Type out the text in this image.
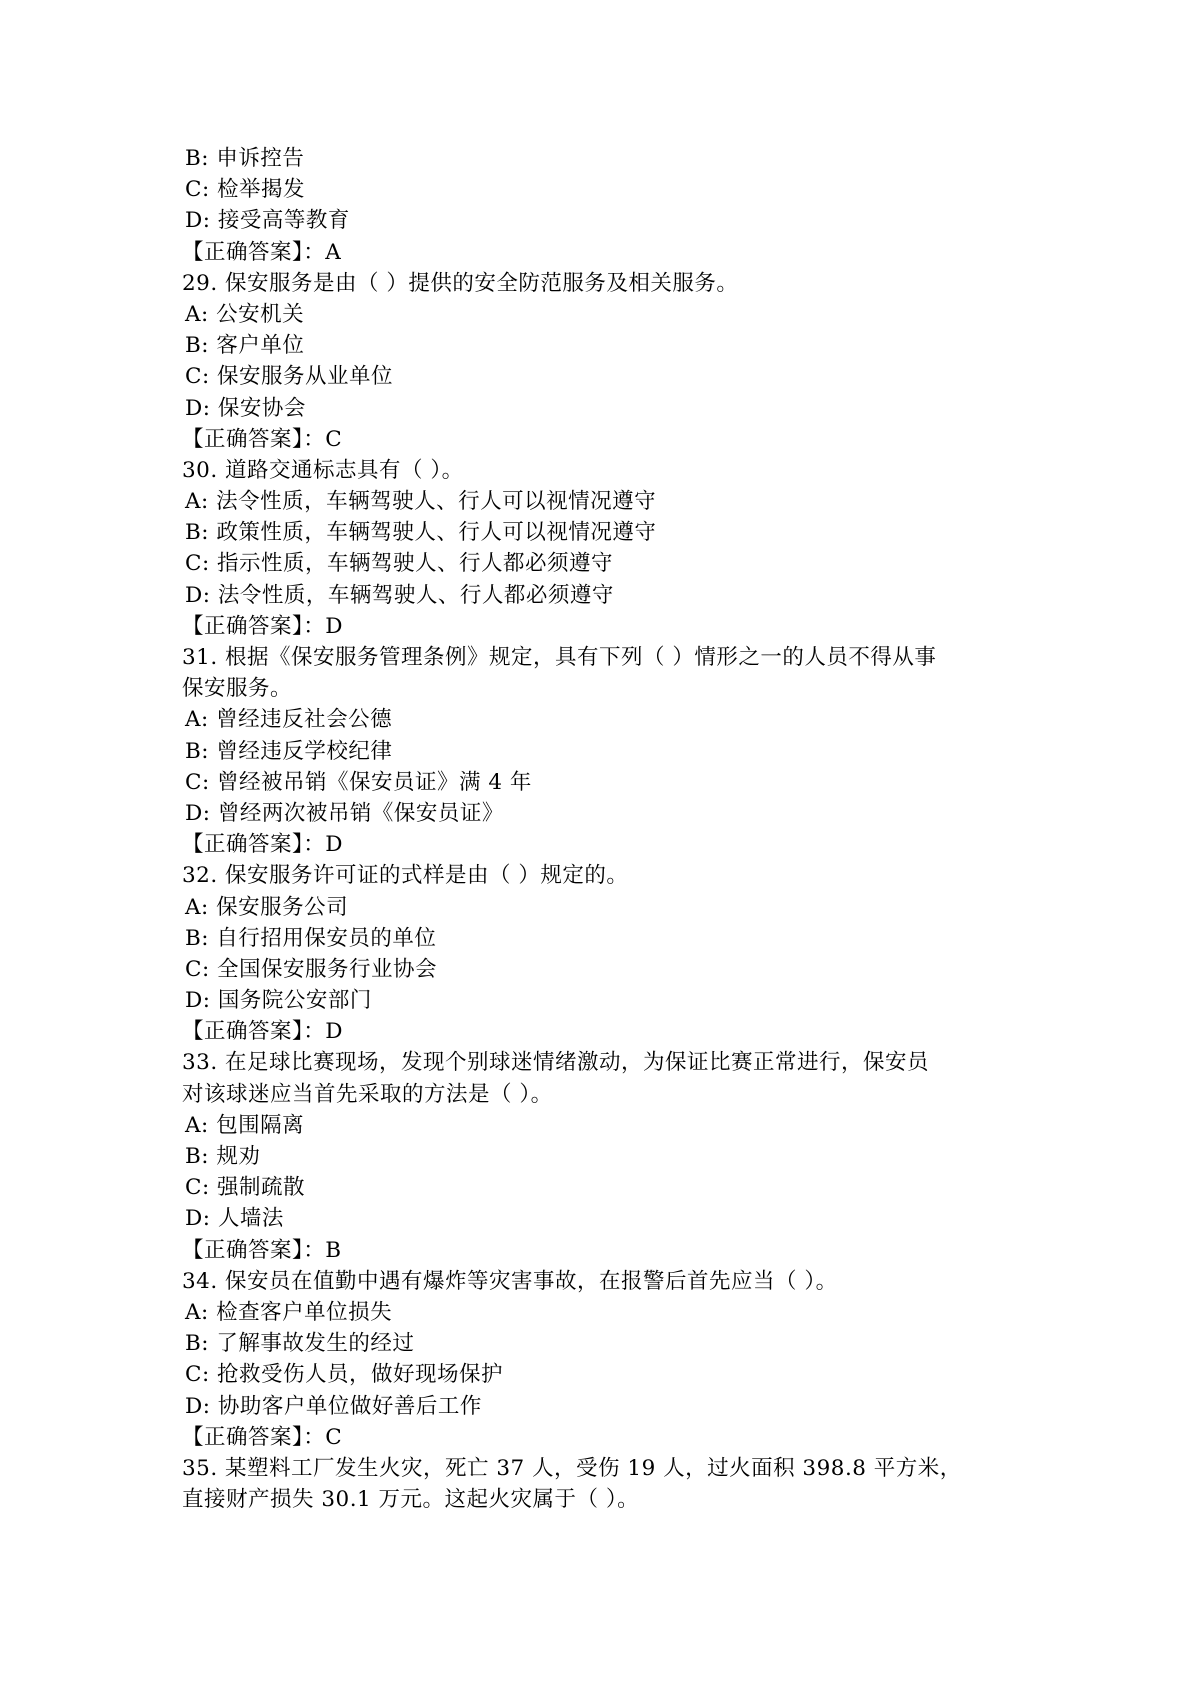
B: 申诉控告
C: 检举揭发
D: 接受高等教育
【正确答案】：A
29. 保安服务是由（ ）提供的安全防范服务及相关服务。
A: 公安机关
B: 客户单位
C: 保安服务从业单位
D: 保安协会
【正确答案】：C
30. 道路交通标志具有（ ）。
A: 法令性质，车辆驾驶人、行人可以视情况遵守
B: 政策性质，车辆驾驶人、行人可以视情况遵守
C: 指示性质，车辆驾驶人、行人都必须遵守
D: 法令性质，车辆驾驶人、行人都必须遵守
【正确答案】：D
31. 根据《保安服务管理条例》规定，具有下列（ ）情形之一的人员不得从事
保安服务。
A: 曾经违反社会公德
B: 曾经违反学校纪律
C: 曾经被吊销《保安员证》满 4 年
D: 曾经两次被吊销《保安员证》
【正确答案】：D
32. 保安服务许可证的式样是由（ ）规定的。
A: 保安服务公司
B: 自行招用保安员的单位
C: 全国保安服务行业协会
D: 国务院公安部门
【正确答案】：D
33. 在足球比赛现场，发现个别球迷情绪激动，为保证比赛正常进行，保安员
对该球迷应当首先采取的方法是（ ）。
A: 包围隔离
B: 规劝
C: 强制疏散
D: 人墙法
【正确答案】：B
34. 保安员在值勤中遇有爆炸等灾害事故，在报警后首先应当（ ）。
A: 检查客户单位损失
B: 了解事故发生的经过
C: 抢救受伤人员，做好现场保护
D: 协助客户单位做好善后工作
【正确答案】：C
35. 某塑料工厂发生火灾，死亡 37 人，受伤 19 人，过火面积 398.8 平方米，
直接财产损失 30.1 万元。这起火灾属于（ ）。
